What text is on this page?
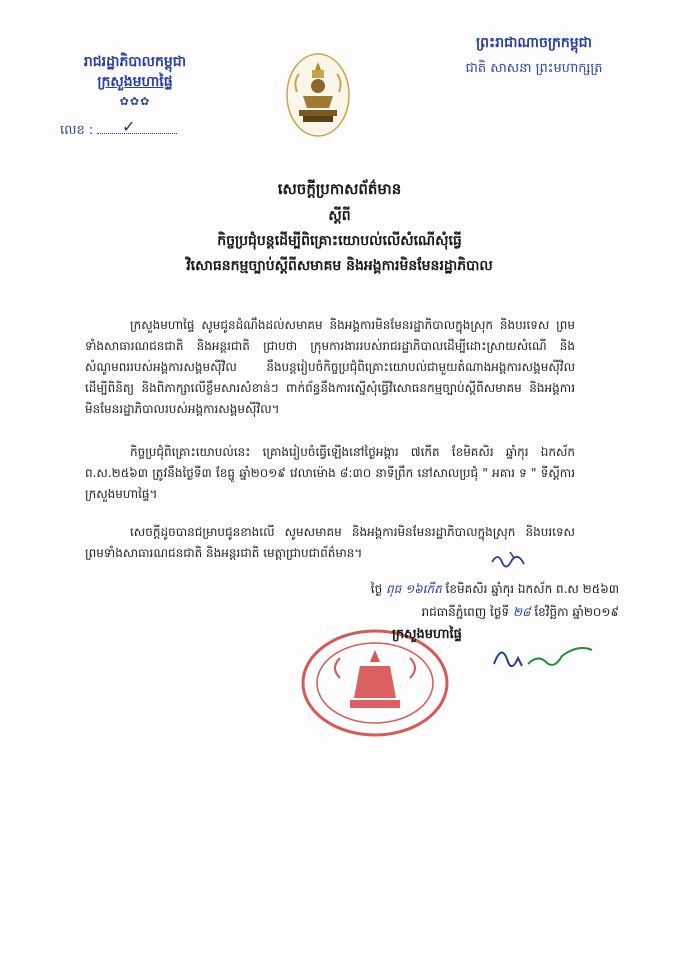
រាជរដ្ឋាភិបាលកម្ពុជា
ក្រសួងមហាផ្ទៃ
✿✿✿
លេខ : ✓
ព្រះរាជាណាចក្រកម្ពុជា
ជាតិ សាសនា ព្រះមហាក្សត្រ
សេចក្តីប្រកាសព័ត៌មាន
ស្តីពី
កិច្ចប្រជុំបន្តដើម្បីពិគ្រោះយោបល់លើសំណើសុំធ្វើ
វិសោធនកម្មច្បាប់ស្តីពីសមាគម និងអង្គការមិនមែនរដ្ឋាភិបាល
ក្រសួងមហាផ្ទៃ សូមជូនដំណឹងដល់សមាគម និងអង្គការមិនមែនរដ្ឋាភិបាលក្នុងស្រុក និងបរទេស ព្រមទាំងសាធារណជនជាតិ និងអន្តរជាតិ ជ្រាបថា ក្រុមការងាររបស់រាជរដ្ឋាភិបាលដើម្បីដោះស្រាយសំណើ និងសំណូមពររបស់អង្គការសង្គមស៊ីវិល នឹងបន្តរៀបចំកិច្ចប្រជុំពិគ្រោះយោបល់ជាមួយតំណាងអង្គការសង្គមស៊ីវិល ដើម្បីពិនិត្យ និងពិភាក្សាលើខ្លឹមសារសំខាន់ៗ ពាក់ព័ន្ធនឹងការស្នើសុំធ្វើវិសោធនកម្មច្បាប់ស្តីពីសមាគម និងអង្គការមិនមែនរដ្ឋាភិបាលរបស់អង្គការសង្គមស៊ីវិល។
កិច្ចប្រជុំពិគ្រោះយោបល់នេះ គ្រោងរៀបចំធ្វើឡើងនៅថ្ងៃអង្គារ ៧កើត ខែមិគសិរ ឆ្នាំកុរ ឯកស័ក ព.ស.២៥៦៣ ត្រូវនឹងថ្ងៃទី៣ ខែធ្នូ ឆ្នាំ២០១៩ វេលាម៉ោង ៨:៣០ នាទីព្រឹក នៅសាលប្រជុំ " អគារ ទ " ទីស្តីការក្រសួងមហាផ្ទៃ។
សេចក្តីដូចបានជម្រាបជូនខាងលើ សូមសមាគម និងអង្គការមិនមែនរដ្ឋាភិបាលក្នុងស្រុក និងបរទេស ព្រមទាំងសាធារណជនជាតិ និងអន្តរជាតិ មេត្តាជ្រាបជាព័ត៌មាន។
ថ្ងៃ ពុធ ១៦កើត ខែមិគសិរ ឆ្នាំកុរ ឯកស័ក ព.ស ២៥៦៣
រាជធានីភ្នំពេញ ថ្ងៃទី ២៨ ខែវិច្ឆិកា ឆ្នាំ២០១៩
ក្រសួងមហាផ្ទៃ
